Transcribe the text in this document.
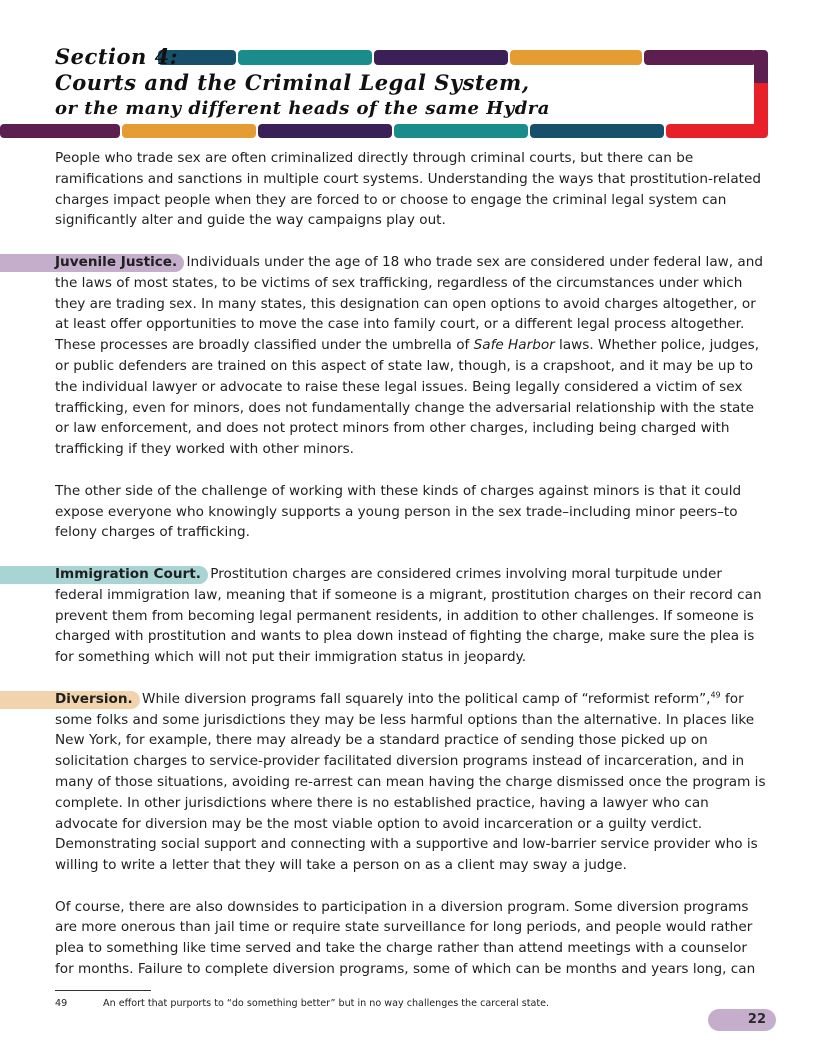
Section 4:
Courts and the Criminal Legal System,
or the many different heads of the same Hydra

People who trade sex are often criminalized directly through criminal courts, but there can be ramifications and sanctions in multiple court systems. Understanding the ways that prostitution-related charges impact people when they are forced to or choose to engage the criminal legal system can significantly alter and guide the way campaigns play out.

Juvenile Justice. Individuals under the age of 18 who trade sex are considered under federal law, and the laws of most states, to be victims of sex trafficking, regardless of the circumstances under which they are trading sex. In many states, this designation can open options to avoid charges altogether, or at least offer opportunities to move the case into family court, or a different legal process altogether. These processes are broadly classified under the umbrella of Safe Harbor laws. Whether police, judges, or public defenders are trained on this aspect of state law, though, is a crapshoot, and it may be up to the individual lawyer or advocate to raise these legal issues. Being legally considered a victim of sex trafficking, even for minors, does not fundamentally change the adversarial relationship with the state or law enforcement, and does not protect minors from other charges, including being charged with trafficking if they worked with other minors.

The other side of the challenge of working with these kinds of charges against minors is that it could expose everyone who knowingly supports a young person in the sex trade–including minor peers–to felony charges of trafficking.

Immigration Court. Prostitution charges are considered crimes involving moral turpitude under federal immigration law, meaning that if someone is a migrant, prostitution charges on their record can prevent them from becoming legal permanent residents, in addition to other challenges. If someone is charged with prostitution and wants to plea down instead of fighting the charge, make sure the plea is for something which will not put their immigration status in jeopardy.

Diversion. While diversion programs fall squarely into the political camp of “reformist reform”,$^{49}$ for some folks and some jurisdictions they may be less harmful options than the alternative. In places like New York, for example, there may already be a standard practice of sending those picked up on solicitation charges to service-provider facilitated diversion programs instead of incarceration, and in many of those situations, avoiding re-arrest can mean having the charge dismissed once the program is complete. In other jurisdictions where there is no established practice, having a lawyer who can advocate for diversion may be the most viable option to avoid incarceration or a guilty verdict. Demonstrating social support and connecting with a supportive and low-barrier service provider who is willing to write a letter that they will take a person on as a client may sway a judge.

Of course, there are also downsides to participation in a diversion program. Some diversion programs are more onerous than jail time or require state surveillance for long periods, and people would rather plea to something like time served and take the charge rather than attend meetings with a counselor for months. Failure to complete diversion programs, some of which can be months and years long, can

49	An effort that purports to “do something better” but in no way challenges the carceral state.
22
